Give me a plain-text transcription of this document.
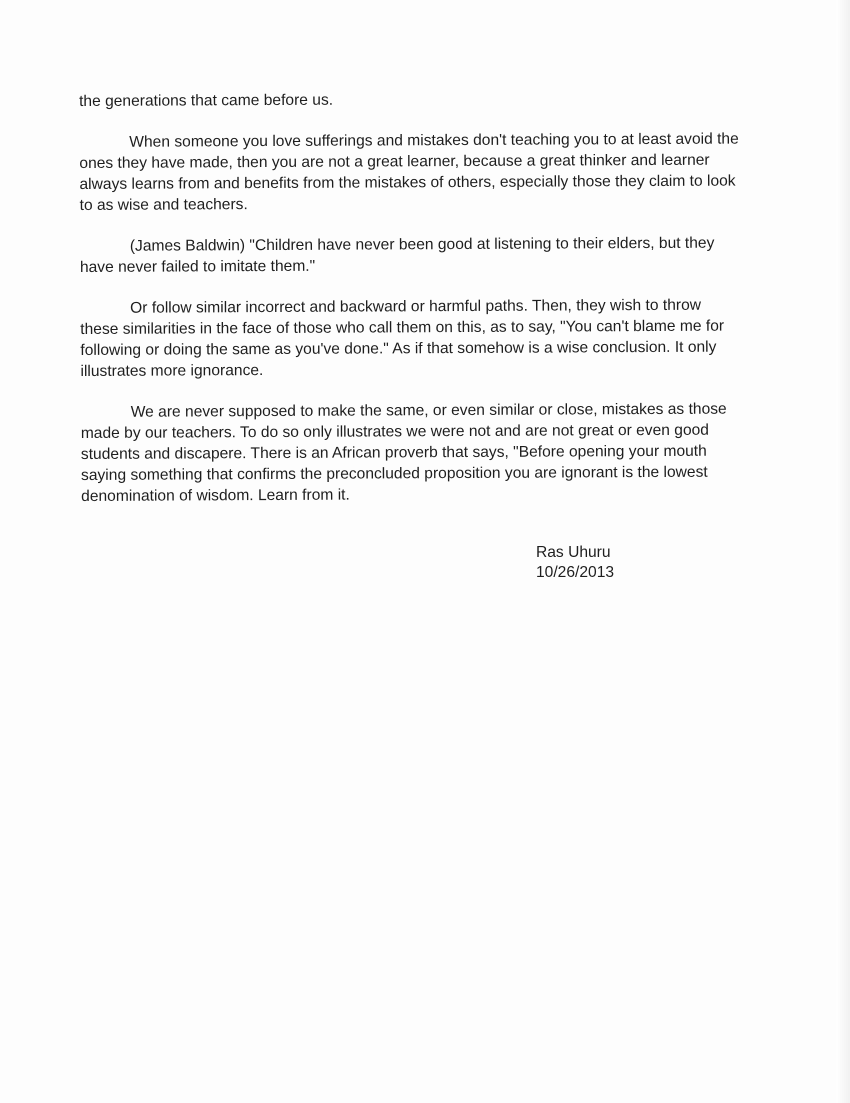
the generations that came before us.

When someone you love sufferings and mistakes don't teaching you to at least avoid the ones they have made, then you are not a great learner, because a great thinker and learner always learns from and benefits from the mistakes of others, especially those they claim to look to as wise and teachers.

(James Baldwin) "Children have never been good at listening to their elders, but they have never failed to imitate them."

Or follow similar incorrect and backward or harmful paths. Then, they wish to throw these similarities in the face of those who call them on this, as to say, "You can't blame me for following or doing the same as you've done." As if that somehow is a wise conclusion. It only illustrates more ignorance.

We are never supposed to make the same, or even similar or close, mistakes as those made by our teachers. To do so only illustrates we were not and are not great or even good students and discapere. There is an African proverb that says, "Before opening your mouth saying something that confirms the preconcluded proposition you are ignorant is the lowest denomination of wisdom. Learn from it.

Ras Uhuru
10/26/2013
